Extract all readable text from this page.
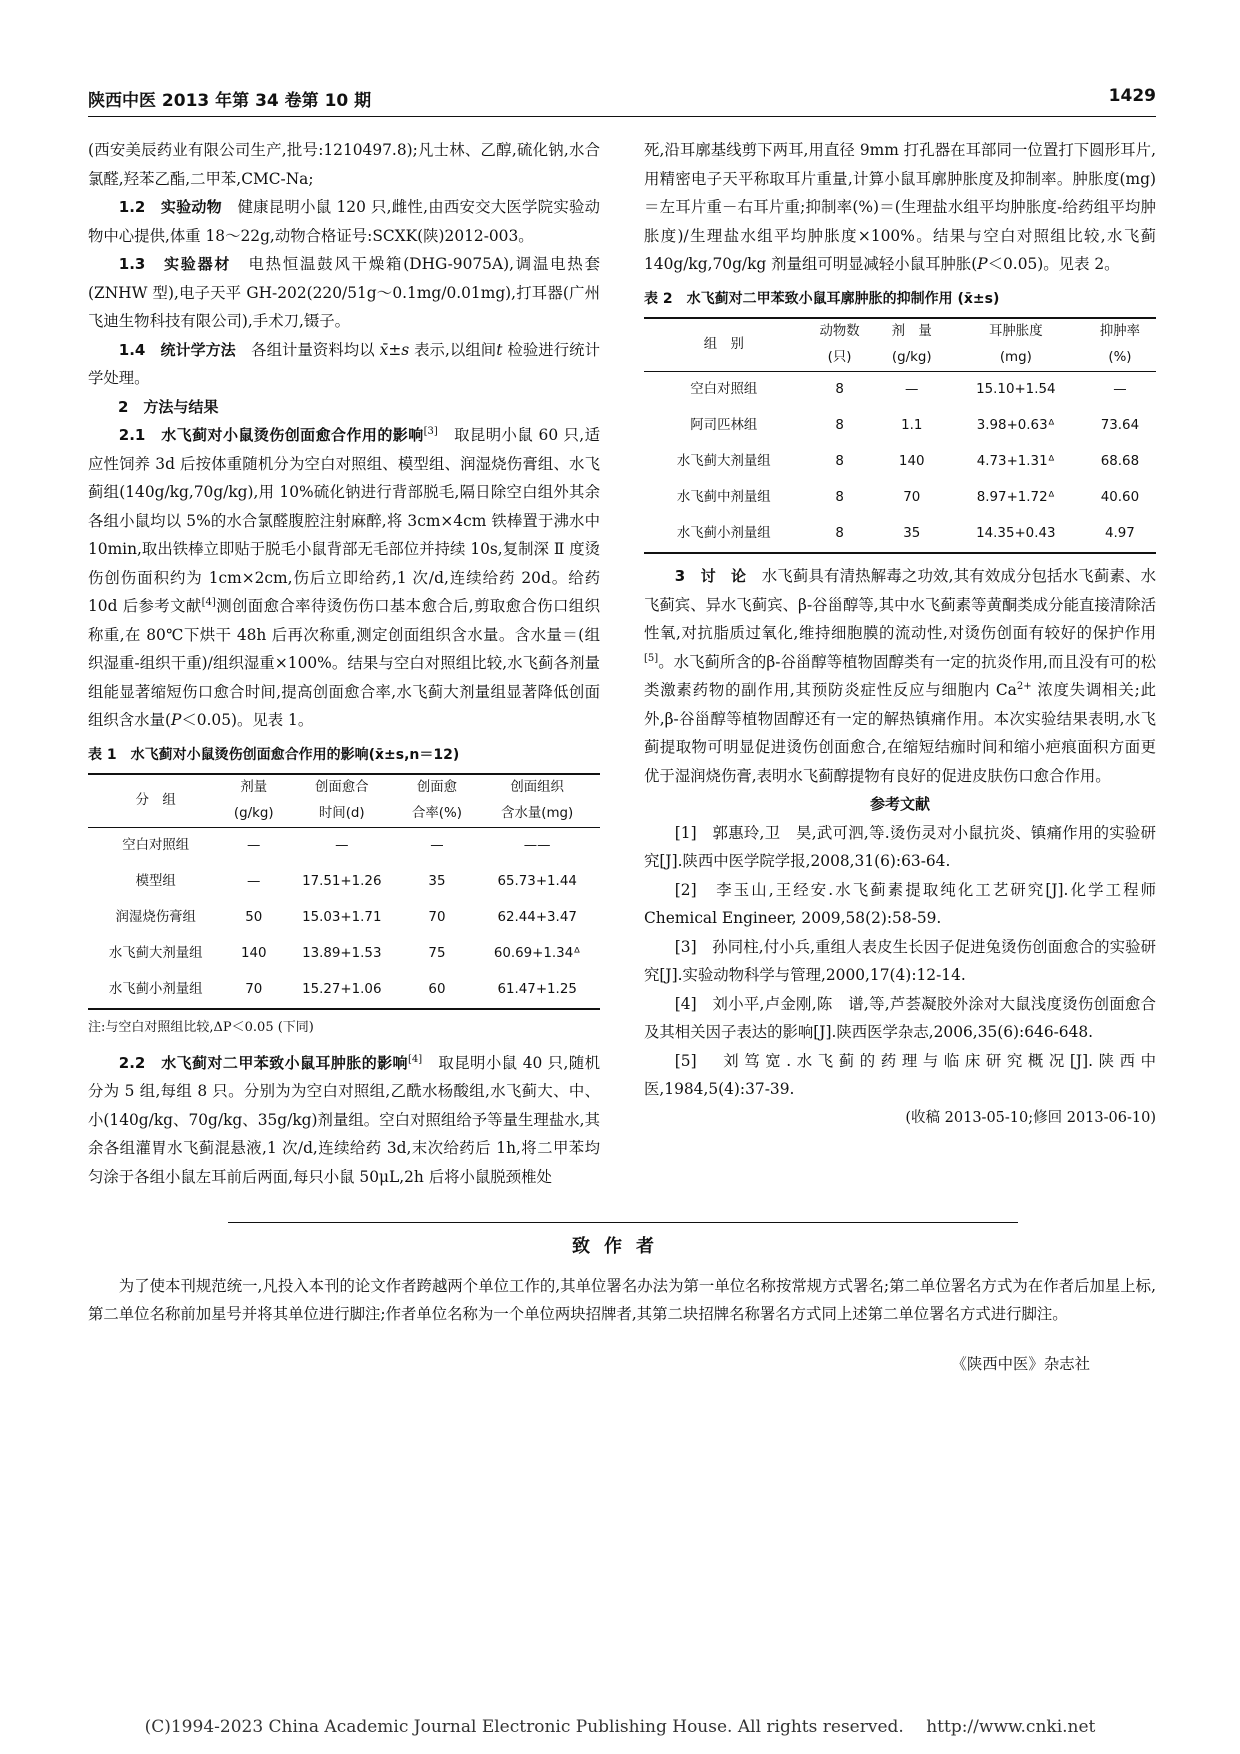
陕西中医 2013 年第 34 卷第 10 期	1429

(西安美辰药业有限公司生产,批号:1210497.8);凡士林、乙醇,硫化钠,水合氯醛,羟苯乙酯,二甲苯,CMC-Na;

1.2　实验动物　 健康昆明小鼠 120 只,雌性,由西安交大医学院实验动物中心提供,体重 18～22g,动物合格证号:SCXK(陕)2012-003。

1.3　实验器材　 电热恒温鼓风干燥箱(DHG-9075A),调温电热套(ZNHW 型),电子天平 GH-202(220/51g～0.1mg/0.01mg),打耳器(广州飞迪生物科技有限公司),手术刀,镊子。

1.4　统计学方法　 各组计量资料均以 x̄±s 表示,以组间t 检验进行统计学处理。

2　方法与结果

2.1　水飞蓟对小鼠烫伤创面愈合作用的影响[3]　 取昆明小鼠 60 只,适应性饲养 3d 后按体重随机分为空白对照组、模型组、润湿烧伤膏组、水飞蓟组(140g/kg,70g/kg),用 10%硫化钠进行背部脱毛,隔日除空白组外其余各组小鼠均以 5%的水合氯醛腹腔注射麻醉,将 3cm×4cm 铁棒置于沸水中 10min,取出铁棒立即贴于脱毛小鼠背部无毛部位并持续 10s,复制深 Ⅱ 度烫伤创伤面积约为 1cm×2cm,伤后立即给药,1 次/d,连续给药 20d。给药 10d 后参考文献[4]测创面愈合率待烫伤伤口基本愈合后,剪取愈合伤口组织称重,在 80℃下烘干 48h 后再次称重,测定创面组织含水量。含水量＝(组织湿重-组织干重)/组织湿重×100%。结果与空白对照组比较,水飞蓟各剂量组能显著缩短伤口愈合时间,提高创面愈合率,水飞蓟大剂量组显著降低创面组织含水量(P＜0.05)。见表 1。

表 1　水飞蓟对小鼠烫伤创面愈合作用的影响(x̄±s,n＝12)
分　组	剂量	创面愈合	创面愈	创面组织
	(g/kg)	时间(d)	合率(%)	含水量(mg)
空白对照组	—	—	—	——
模型组	—	17.51+1.26	35	65.73+1.44
润湿烧伤膏组	50	15.03+1.71	70	62.44+3.47
水飞蓟大剂量组	140	13.89+1.53	75	60.69+1.34ᐞ
水飞蓟小剂量组	70	15.27+1.06	60	61.47+1.25
注:与空白对照组比较,ΔP＜0.05 (下同)

2.2　水飞蓟对二甲苯致小鼠耳肿胀的影响[4]　 取昆明小鼠 40 只,随机分为 5 组,每组 8 只。分别为为空白对照组,乙酰水杨酸组,水飞蓟大、中、小(140g/kg、70g/kg、35g/kg)剂量组。空白对照组给予等量生理盐水,其余各组灌胃水飞蓟混悬液,1 次/d,连续给药 3d,末次给药后 1h,将二甲苯均匀涂于各组小鼠左耳前后两面,每只小鼠 50μL,2h 后将小鼠脱颈椎处

死,沿耳廓基线剪下两耳,用直径 9mm 打孔器在耳部同一位置打下圆形耳片,用精密电子天平称取耳片重量,计算小鼠耳廓肿胀度及抑制率。肿胀度(mg)＝左耳片重－右耳片重;抑制率(%)＝(生理盐水组平均肿胀度-给药组平均肿胀度)/生理盐水组平均肿胀度×100%。结果与空白对照组比较,水飞蓟 140g/kg,70g/kg 剂量组可明显减轻小鼠耳肿胀(P＜0.05)。见表 2。

表 2　水飞蓟对二甲苯致小鼠耳廓肿胀的抑制作用 (x̄±s)
组　别	动物数	剂　量	耳肿胀度	抑肿率
	(只)	(g/kg)	(mg)	(%)
空白对照组	8	—	15.10+1.54	—
阿司匹林组	8	1.1	3.98+0.63ᐞ	73.64
水飞蓟大剂量组	8	140	4.73+1.31ᐞ	68.68
水飞蓟中剂量组	8	70	8.97+1.72ᐞ	40.60
水飞蓟小剂量组	8	35	14.35+0.43	4.97

3　讨　论　 水飞蓟具有清热解毒之功效,其有效成分包括水飞蓟素、水飞蓟宾、异水飞蓟宾、β-谷甾醇等,其中水飞蓟素等黄酮类成分能直接清除活性氧,对抗脂质过氧化,维持细胞膜的流动性,对烫伤创面有较好的保护作用[5]。水飞蓟所含的β-谷甾醇等植物固醇类有一定的抗炎作用,而且没有可的松类激素药物的副作用,其预防炎症性反应与细胞内 $Ca^{2+}$ 浓度失调相关;此外,β-谷甾醇等植物固醇还有一定的解热镇痛作用。本次实验结果表明,水飞蓟提取物可明显促进烫伤创面愈合,在缩短结痂时间和缩小疤痕面积方面更优于湿润烧伤膏,表明水飞蓟醇提物有良好的促进皮肤伤口愈合作用。

参考文献

[1]　郭惠玲,卫　昊,武可泗,等.烫伤灵对小鼠抗炎、镇痛作用的实验研究[J].陕西中医学院学报,2008,31(6):63-64.

[2]　李玉山,王经安.水飞蓟素提取纯化工艺研究[J].化学工程师 Chemical Engineer, 2009,58(2):58-59.

[3]　孙同柱,付小兵,重组人表皮生长因子促进兔烫伤创面愈合的实验研究[J].实验动物科学与管理,2000,17(4):12-14.

[4]　刘小平,卢金刚,陈　谱,等,芦荟凝胶外涂对大鼠浅度烫伤创面愈合及其相关因子表达的影响[J].陕西医学杂志,2006,35(6):646-648.

[5]　刘笃宽.水飞蓟的药理与临床研究概况[J].陕西中医,1984,5(4):37-39.

(收稿 2013-05-10;修回 2013-06-10)
致作者

为了使本刊规范统一,凡投入本刊的论文作者跨越两个单位工作的,其单位署名办法为第一单位名称按常规方式署名;第二单位署名方式为在作者后加星上标,第二单位名称前加星号并将其单位进行脚注;作者单位名称为一个单位两块招牌者,其第二块招牌名称署名方式同上述第二单位署名方式进行脚注。

《陕西中医》杂志社
(C)1994-2023 China Academic Journal Electronic Publishing House. All rights reserved.　 http://www.cnki.net
